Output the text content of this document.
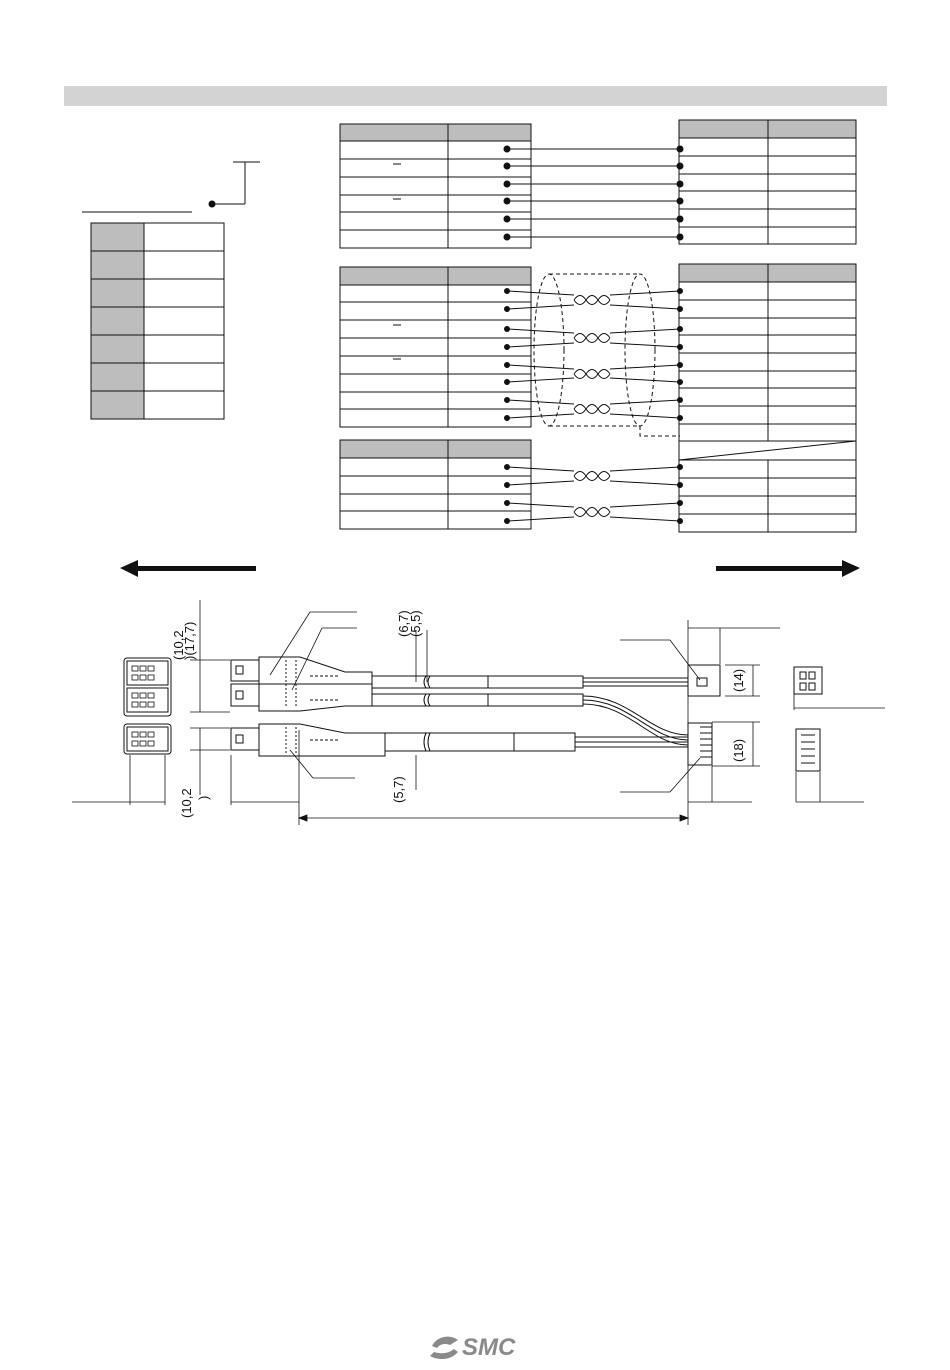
(10,2
)(17,7)	(6,7)
(5,5)
(14)
(18)
(10,2 )	(5,7)
SMC
